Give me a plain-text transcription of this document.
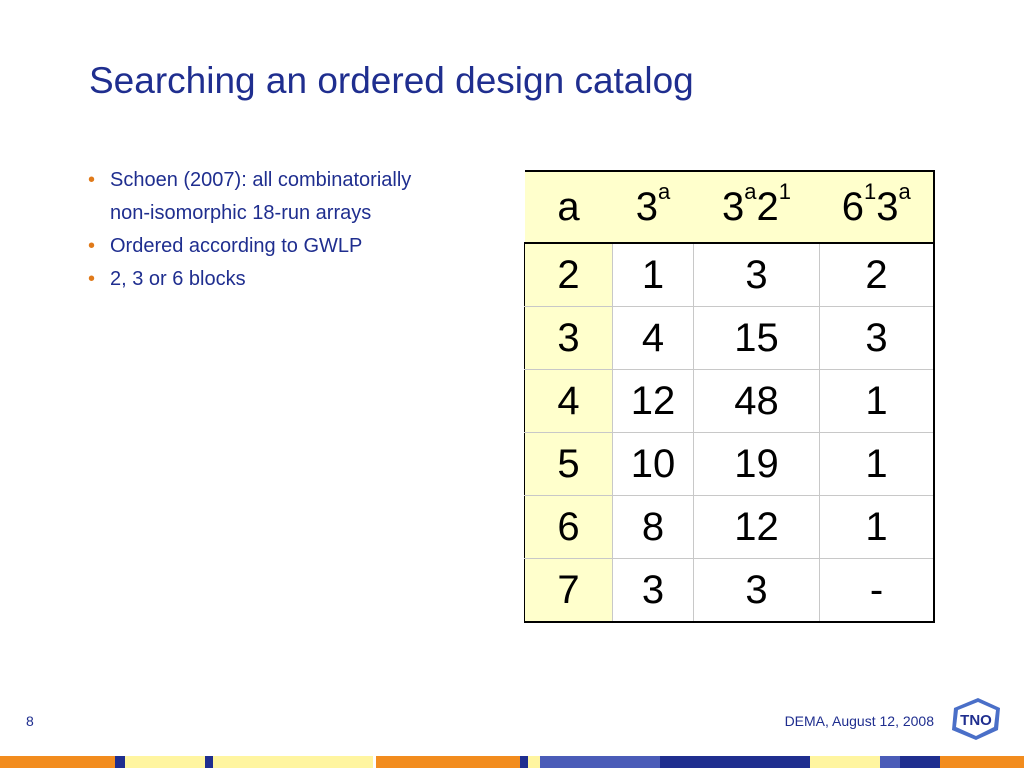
Searching an ordered design catalog
• Schoen (2007): all combinatorially
non-isomorphic 18-run arrays
• Ordered according to GWLP
• 2, 3 or 6 blocks
a	3$^a$	$3^a2^1$	$6^13^a$
2	1	3	2
3	4	15	3
4	12	48	1
5	10	19	1
6	8	12	1
7	3	3	-
8	DEMA, August 12, 2008 TNO
